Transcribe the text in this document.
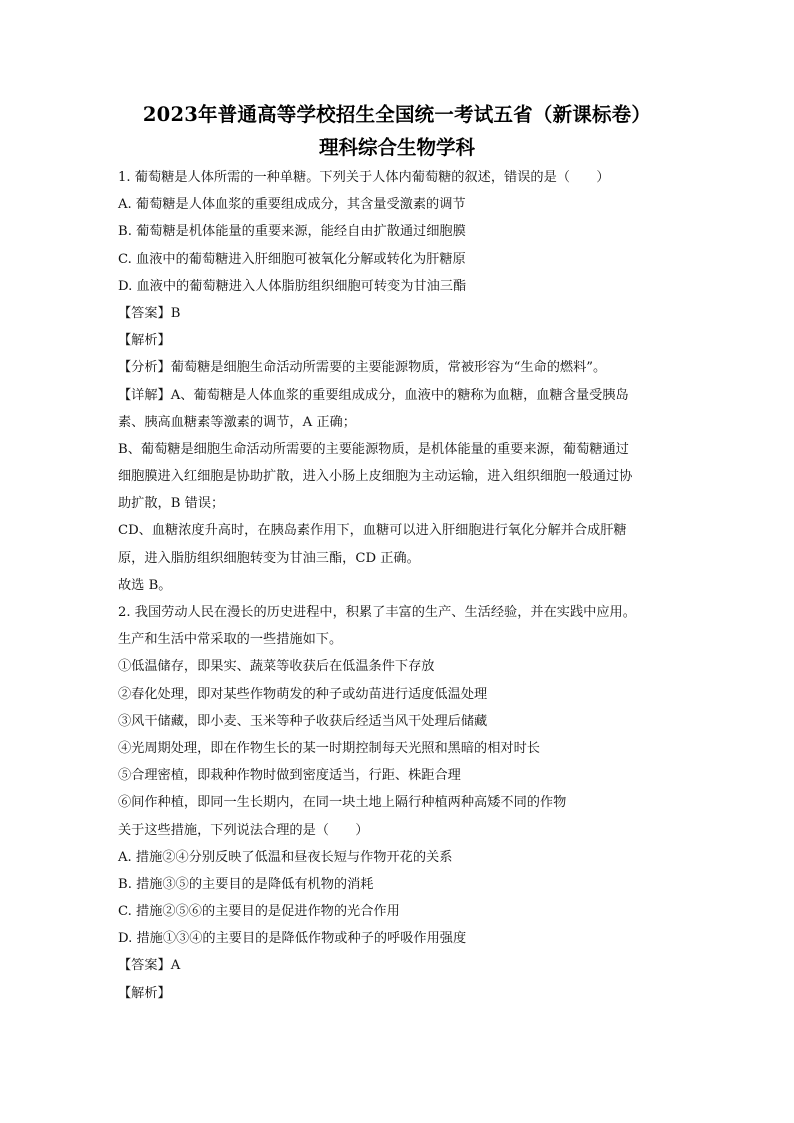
2023年普通高等学校招生全国统一考试五省（新课标卷）
理科综合生物学科
1. 葡萄糖是人体所需的一种单糖。下列关于人体内葡萄糖的叙述，错误的是（　　）
A. 葡萄糖是人体血浆的重要组成成分，其含量受激素的调节
B. 葡萄糖是机体能量的重要来源，能经自由扩散通过细胞膜
C. 血液中的葡萄糖进入肝细胞可被氧化分解或转化为肝糖原
D. 血液中的葡萄糖进入人体脂肪组织细胞可转变为甘油三酯
【答案】B
【解析】
【分析】葡萄糖是细胞生命活动所需要的主要能源物质，常被形容为“生命的燃料”。
【详解】A、葡萄糖是人体血浆的重要组成成分，血液中的糖称为血糖，血糖含量受胰岛
素、胰高血糖素等激素的调节，A 正确；
B、葡萄糖是细胞生命活动所需要的主要能源物质，是机体能量的重要来源，葡萄糖通过
细胞膜进入红细胞是协助扩散，进入小肠上皮细胞为主动运输，进入组织细胞一般通过协
助扩散，B 错误；
CD、血糖浓度升高时，在胰岛素作用下，血糖可以进入肝细胞进行氧化分解并合成肝糖
原，进入脂肪组织细胞转变为甘油三酯，CD 正确。
故选 B。
2. 我国劳动人民在漫长的历史进程中，积累了丰富的生产、生活经验，并在实践中应用。
生产和生活中常采取的一些措施如下。
①低温储存，即果实、蔬菜等收获后在低温条件下存放
②春化处理，即对某些作物萌发的种子或幼苗进行适度低温处理
③风干储藏，即小麦、玉米等种子收获后经适当风干处理后储藏
④光周期处理，即在作物生长的某一时期控制每天光照和黑暗的相对时长
⑤合理密植，即栽种作物时做到密度适当，行距、株距合理
⑥间作种植，即同一生长期内，在同一块土地上隔行种植两种高矮不同的作物
关于这些措施，下列说法合理的是（　　）
A. 措施②④分别反映了低温和昼夜长短与作物开花的关系
B. 措施③⑤的主要目的是降低有机物的消耗
C. 措施②⑤⑥的主要目的是促进作物的光合作用
D. 措施①③④的主要目的是降低作物或种子的呼吸作用强度
【答案】A
【解析】
